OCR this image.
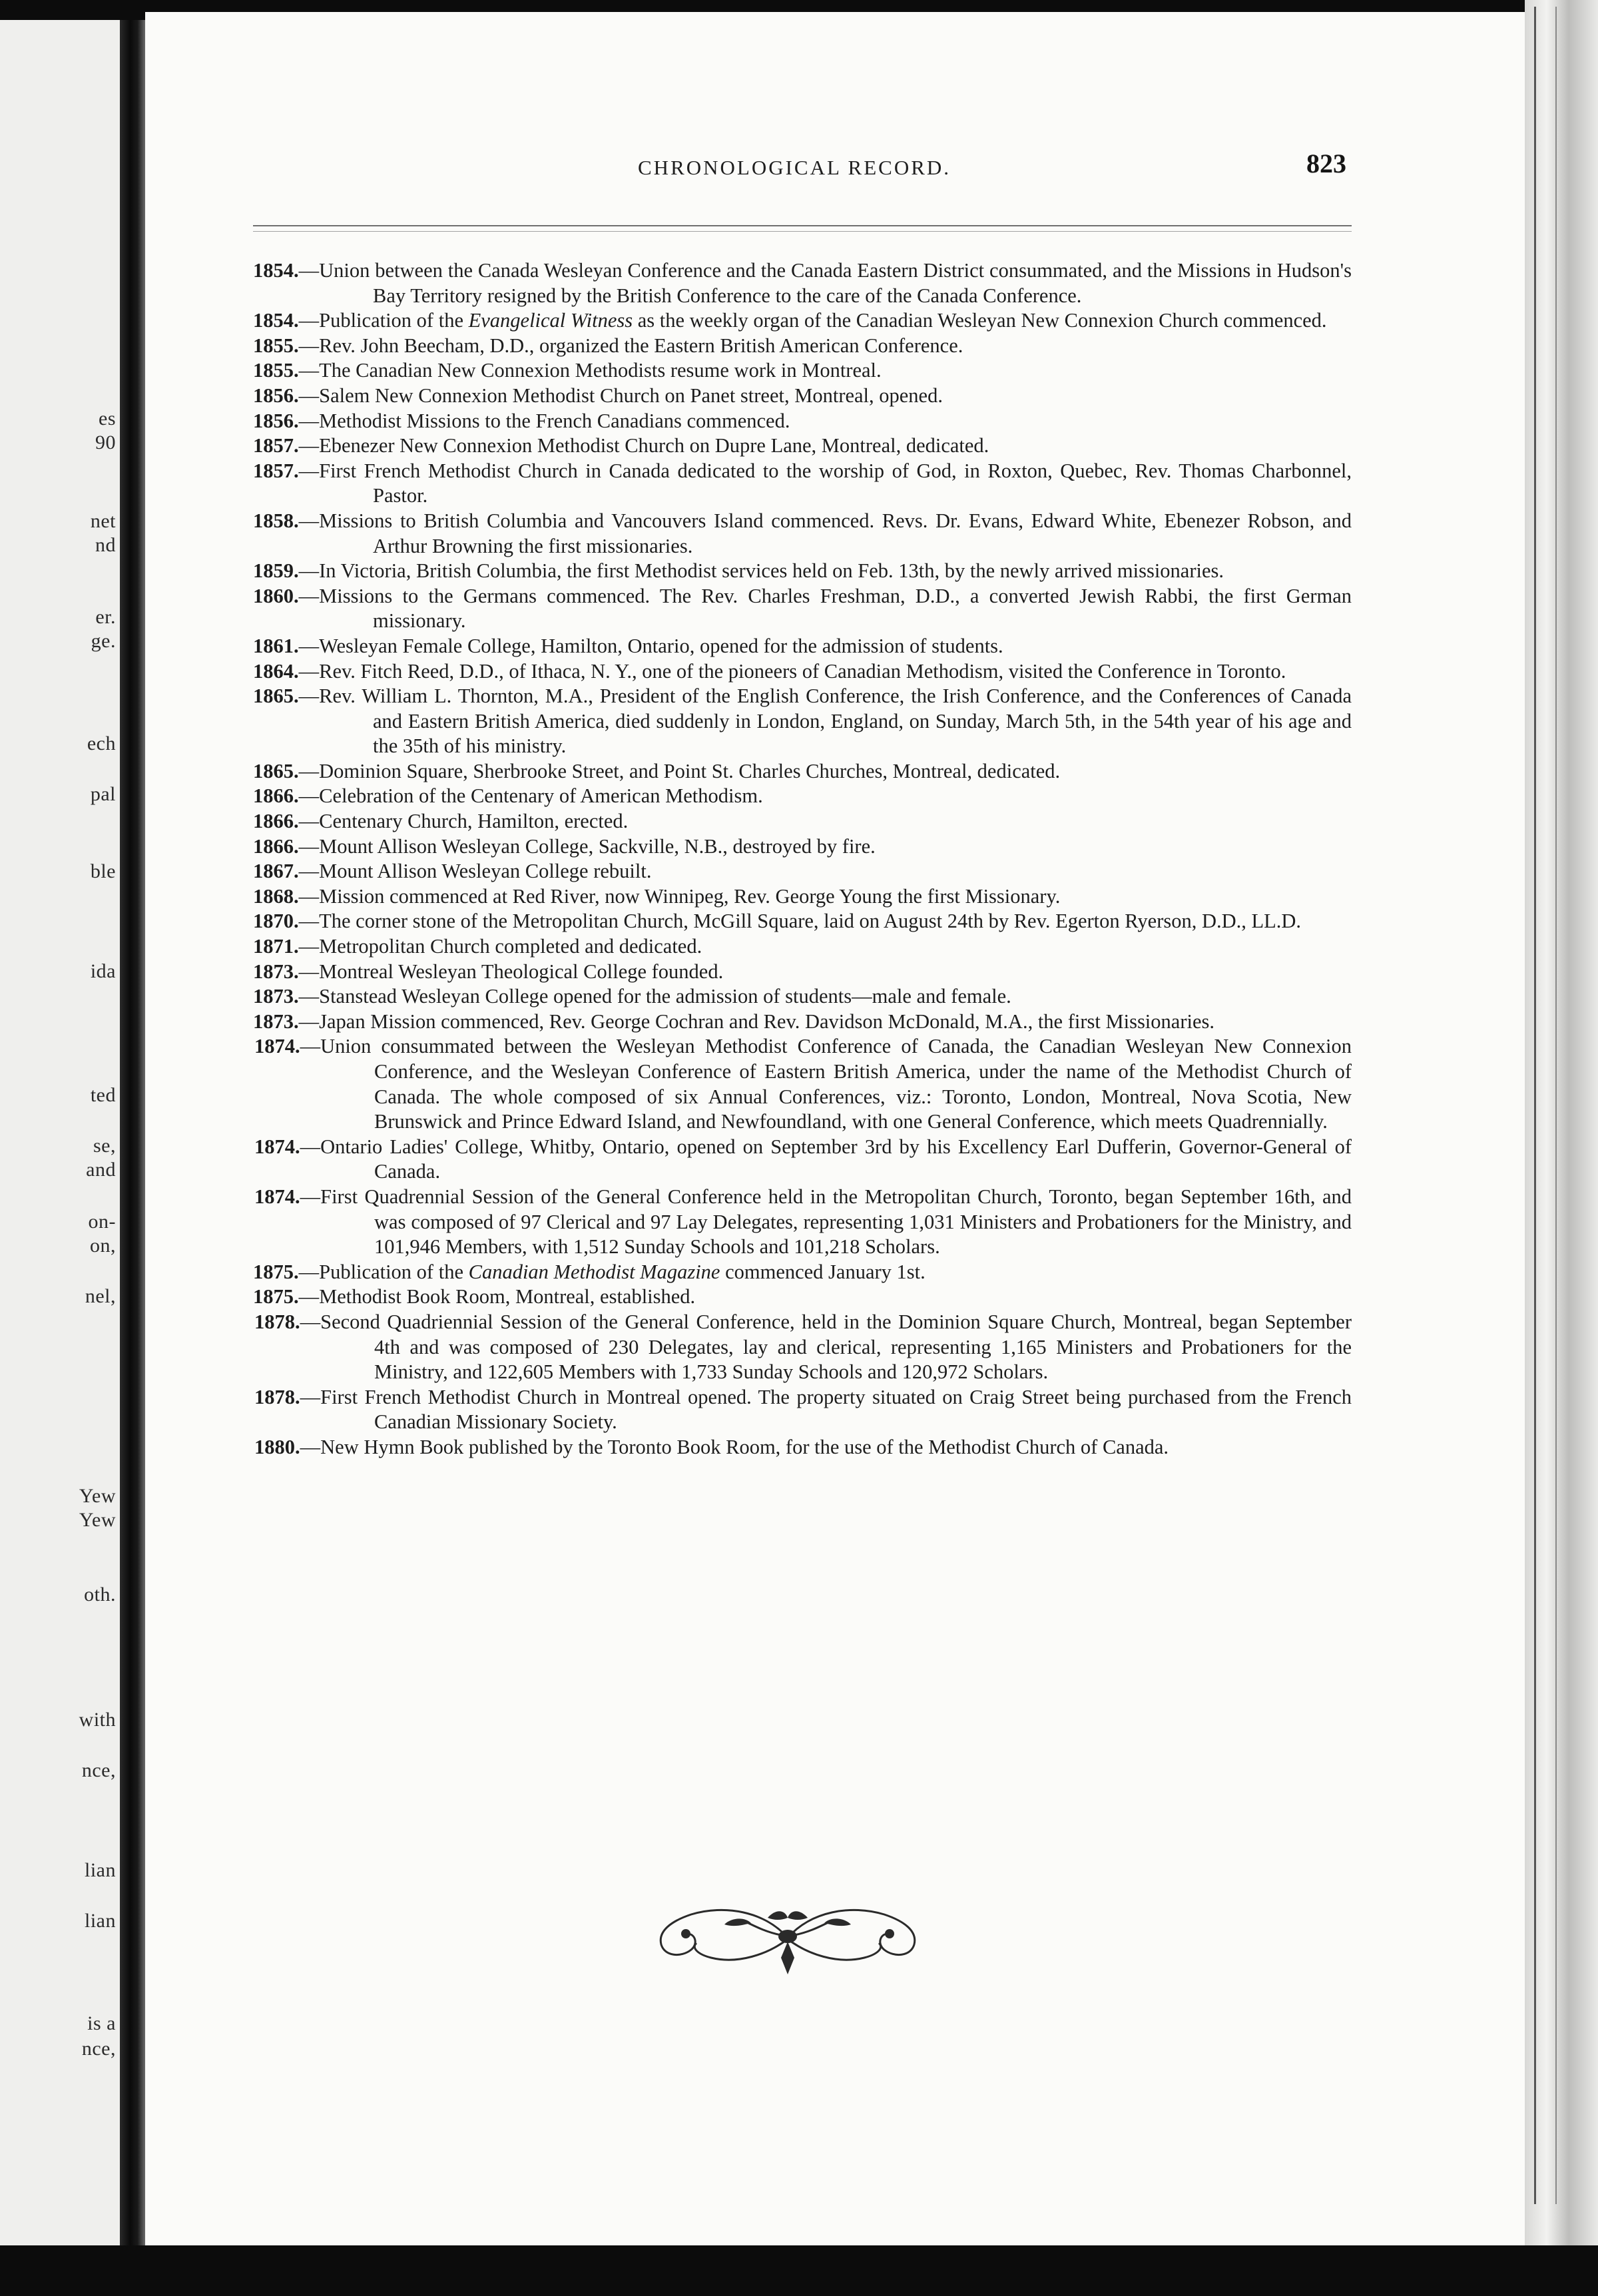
es
90
net
nd
er.
ge.
ech
pal
ble
ida
ted
se,
and
on-
on,
nel,
Yew
Yew
oth.
with
nce,
lian
lian
is a
nce,
CHRONOLOGICAL RECORD.	823

1854.—Union between the Canada Wesleyan Conference and the Canada Eastern District consummated, and the Missions in Hudson's Bay Territory resigned by the British Conference to the care of the Canada Conference.

1854.—Publication of the Evangelical Witness as the weekly organ of the Canadian Wesleyan New Connexion Church commenced.

1855.—Rev. John Beecham, D.D., organized the Eastern British American Conference.

1855.—The Canadian New Connexion Methodists resume work in Montreal.

1856.—Salem New Connexion Methodist Church on Panet street, Montreal, opened.

1856.—Methodist Missions to the French Canadians commenced.

1857.—Ebenezer New Connexion Methodist Church on Dupre Lane, Montreal, dedicated.

1857.—First French Methodist Church in Canada dedicated to the worship of God, in Roxton, Quebec, Rev. Thomas Charbonnel, Pastor.

1858.—Missions to British Columbia and Vancouvers Island commenced. Revs. Dr. Evans, Edward White, Ebenezer Robson, and Arthur Browning the first missionaries.

1859.—In Victoria, British Columbia, the first Methodist services held on Feb. 13th, by the newly arrived missionaries.

1860.—Missions to the Germans commenced. The Rev. Charles Freshman, D.D., a converted Jewish Rabbi, the first German missionary.

1861.—Wesleyan Female College, Hamilton, Ontario, opened for the admission of students.

1864.—Rev. Fitch Reed, D.D., of Ithaca, N. Y., one of the pioneers of Canadian Methodism, visited the Conference in Toronto.

1865.—Rev. William L. Thornton, M.A., President of the English Conference, the Irish Conference, and the Conferences of Canada and Eastern British America, died suddenly in London, England, on Sunday, March 5th, in the 54th year of his age and the 35th of his ministry.

1865.—Dominion Square, Sherbrooke Street, and Point St. Charles Churches, Montreal, dedicated.

1866.—Celebration of the Centenary of American Methodism.

1866.—Centenary Church, Hamilton, erected.

1866.—Mount Allison Wesleyan College, Sackville, N.B., destroyed by fire.

1867.—Mount Allison Wesleyan College rebuilt.

1868.—Mission commenced at Red River, now Winnipeg, Rev. George Young the first Missionary.

1870.—The corner stone of the Metropolitan Church, McGill Square, laid on August 24th by Rev. Egerton Ryerson, D.D., LL.D.

1871.—Metropolitan Church completed and dedicated.

1873.—Montreal Wesleyan Theological College founded.

1873.—Stanstead Wesleyan College opened for the admission of students—male and female.

1873.—Japan Mission commenced, Rev. George Cochran and Rev. Davidson McDonald, M.A., the first Missionaries.

1874.—Union consummated between the Wesleyan Methodist Conference of Canada, the Canadian Wesleyan New Connexion Conference, and the Wesleyan Conference of Eastern British America, under the name of the Methodist Church of Canada. The whole composed of six Annual Conferences, viz.: Toronto, London, Montreal, Nova Scotia, New Brunswick and Prince Edward Island, and Newfoundland, with one General Conference, which meets Quadrennially.

1874.—Ontario Ladies' College, Whitby, Ontario, opened on September 3rd by his Excellency Earl Dufferin, Governor-General of Canada.

1874.—First Quadrennial Session of the General Conference held in the Metropolitan Church, Toronto, began September 16th, and was composed of 97 Clerical and 97 Lay Delegates, representing 1,031 Ministers and Probationers for the Ministry, and 101,946 Members, with 1,512 Sunday Schools and 101,218 Scholars.

1875.—Publication of the Canadian Methodist Magazine commenced January 1st.

1875.—Methodist Book Room, Montreal, established.

1878.—Second Quadriennial Session of the General Conference, held in the Dominion Square Church, Montreal, began September 4th and was composed of 230 Delegates, lay and clerical, representing 1,165 Ministers and Probationers for the Ministry, and 122,605 Members with 1,733 Sunday Schools and 120,972 Scholars.

1878.—First French Methodist Church in Montreal opened. The property situated on Craig Street being purchased from the French Canadian Missionary Society.

1880.—New Hymn Book published by the Toronto Book Room, for the use of the Methodist Church of Canada.
